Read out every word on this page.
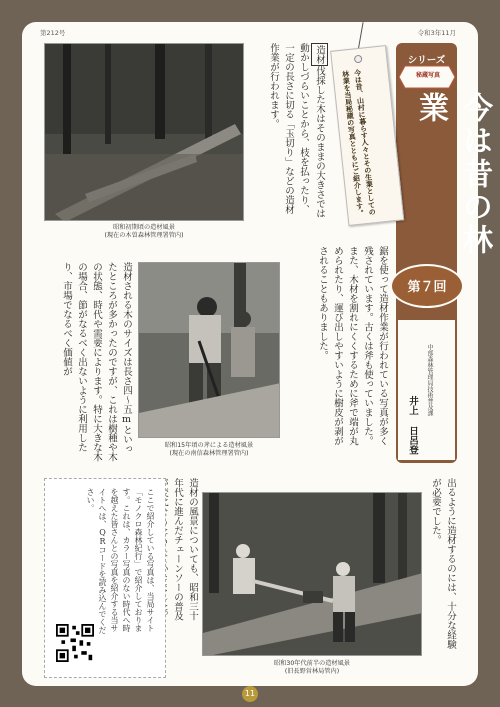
第212号	令和3年11月
シリーズ
秘蔵写真
今は昔の林業
第７回
中部森林管理局技術普及課
井上 日呂登
今は昔、山村に暮らす人々とその生業としての林業を当局秘蔵の写真とともにご紹介します。
昭和初期頃の造材風景
(現在の木曽森林管理署管内)
昭和15年頃の斧による造材風景
(現在の南信森林管理署管内)
昭和30年代前半の造材風景
(旧長野営林局管内)
造材伐採した木はそのままの大きさでは動かしづらいことから、枝を払ったり、一定の長さに切る「玉切り」などの造材作業が行われます。
鋸を使って造材作業が行われている写真が多く残されています。古くは斧も使っていました。また、木材を割れにくくするために斧で端が丸められたり、運び出しやすいように樹皮が剥がされることもありました。
造材される木のサイズは長さ四〜五mといったところが多かったのですが、これは樹種や木の状態、時代や需要によります。特に大きな木の場合、節がなるべく出ないように利用したり、市場でなるべく価値が
出るように造材するのには、十分な経験が必要でした。
造材の風景についても、昭和三十年代に進んだチェーンソーの普及
ここで紹介している写真は、当局サイト「モノクロ森林紀行」で紹介しております。これは、カラー写真のない時代へ時を越えた皆さんとの写真を紹介する当サイトへは、QRコードを読み込んでください。
11
